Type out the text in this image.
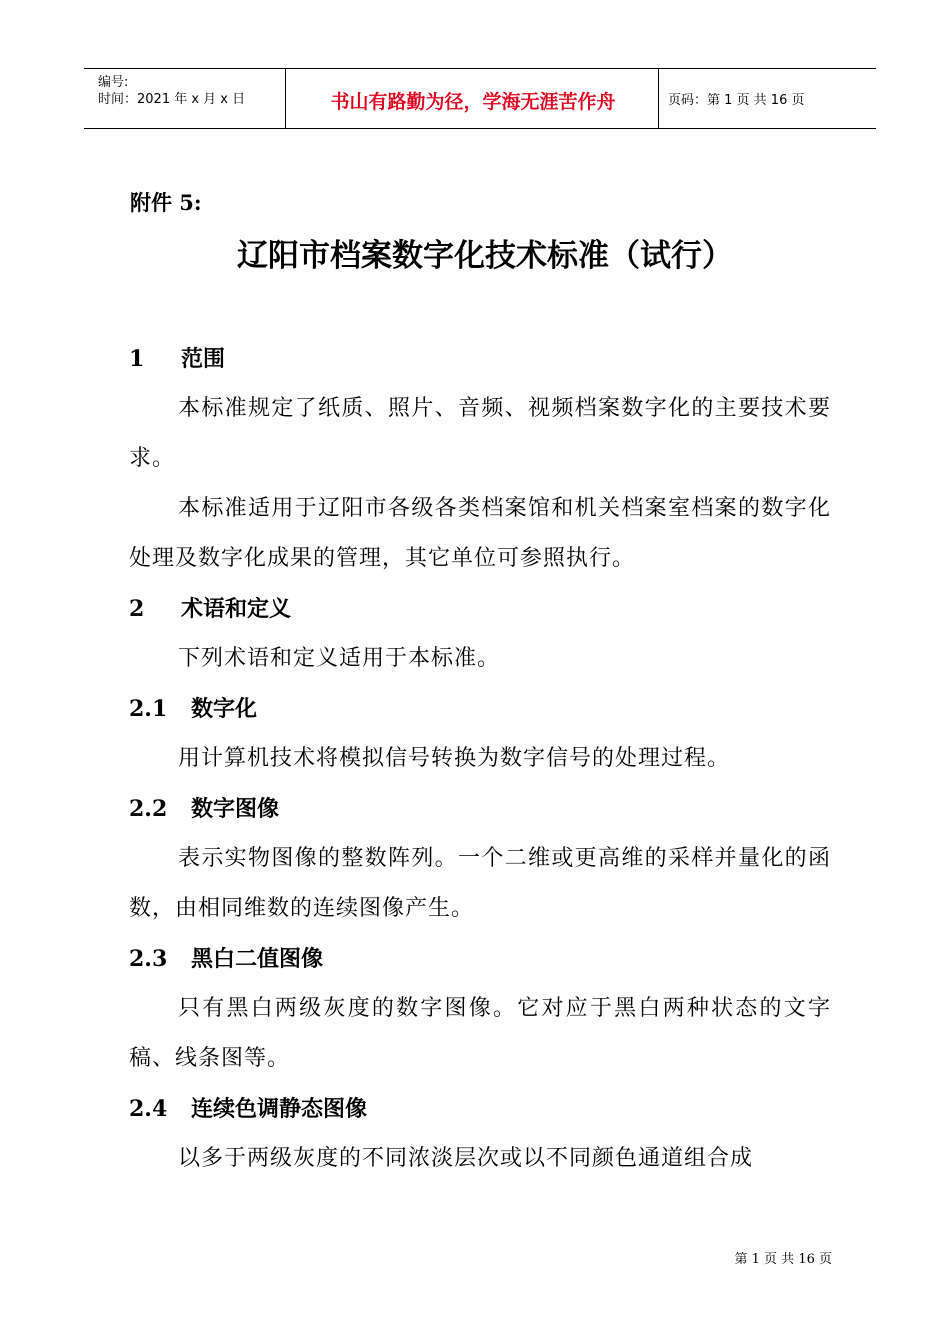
编号:
时间：2021 年 x 月 x 日	书山有路勤为径，学海无涯苦作舟	页码：第 1 页 共 16 页
附件 5:
辽阳市档案数字化技术标准（试行）
1 范围
本标准规定了纸质、照片、音频、视频档案数字化的主要技术要求。
本标准适用于辽阳市各级各类档案馆和机关档案室档案的数字化处理及数字化成果的管理，其它单位可参照执行。
2 术语和定义
下列术语和定义适用于本标准。
2.1 数字化
用计算机技术将模拟信号转换为数字信号的处理过程。
2.2 数字图像
表示实物图像的整数阵列。一个二维或更高维的采样并量化的函数，由相同维数的连续图像产生。
2.3 黑白二值图像
只有黑白两级灰度的数字图像。它对应于黑白两种状态的文字稿、线条图等。
2.4 连续色调静态图像
以多于两级灰度的不同浓淡层次或以不同颜色通道组合成
第 1 页 共 16 页
